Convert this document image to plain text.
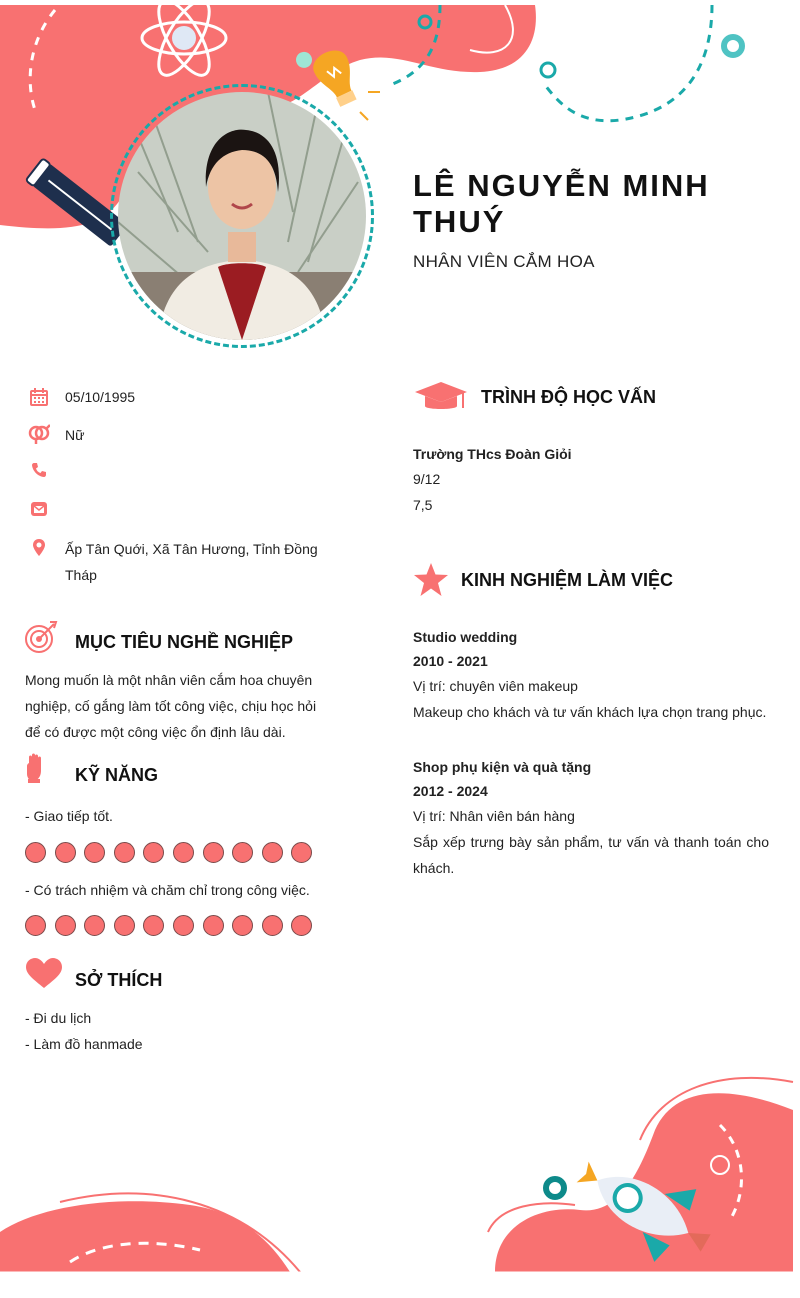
LÊ NGUYỄN MINH THUÝ
NHÂN VIÊN CẮM HOA
05/10/1995
Nữ
Ấp Tân Quới, Xã Tân Hương, Tỉnh Đồng Tháp
MỤC TIÊU NGHỀ NGHIỆP
Mong muốn là một nhân viên cắm hoa chuyên nghiệp, cố gắng làm tốt công việc, chịu học hỏi để có được một công việc ổn định lâu dài.
KỸ NĂNG
- Giao tiếp tốt.
- Có trách nhiệm và chăm chỉ trong công việc.
SỞ THÍCH
- Đi du lịch
- Làm đồ hanmade
TRÌNH ĐỘ HỌC VẤN
Trường THcs Đoàn Giỏi
9/12
7,5
KINH NGHIỆM LÀM VIỆC
Studio wedding
2010 - 2021
Vị trí: chuyên viên makeup
Makeup cho khách và tư vấn khách lựa chọn trang phục.
Shop phụ kiện và quà tặng
2012 - 2024
Vị trí: Nhân viên bán hàng
Sắp xếp trưng bày sản phẩm, tư vấn và thanh toán cho khách.
